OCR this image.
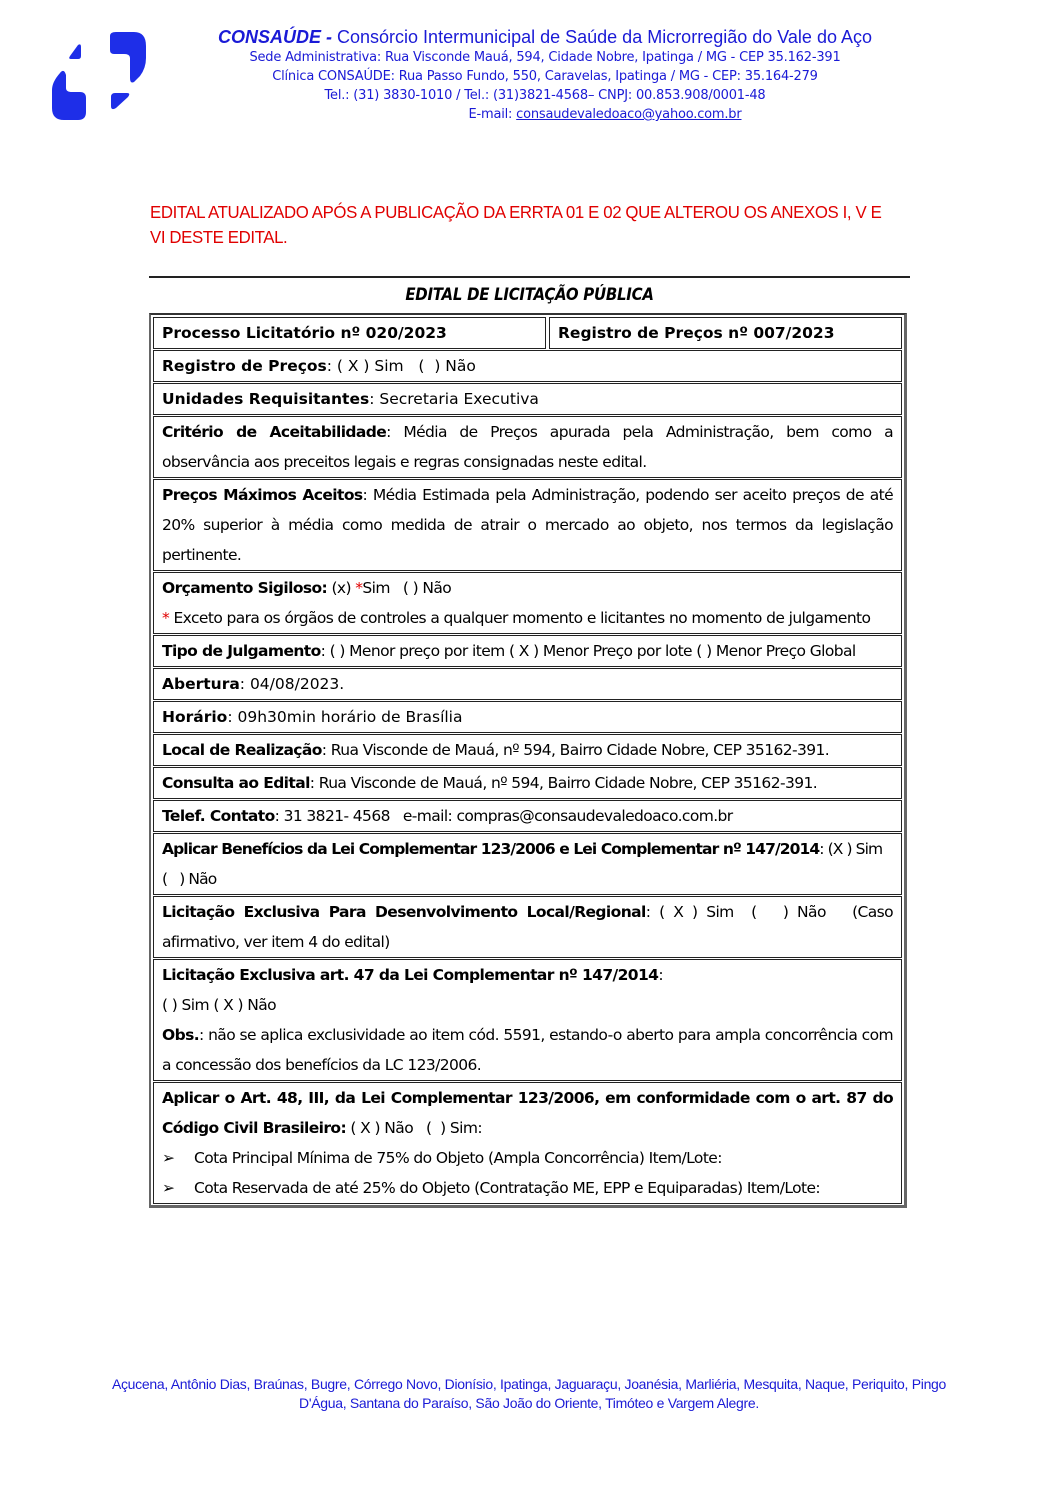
CONSAÚDE - Consórcio Intermunicipal de Saúde da Microrregião do Vale do Aço
Sede Administrativa: Rua Visconde Mauá, 594, Cidade Nobre, Ipatinga / MG - CEP 35.162-391
Clínica CONSAÚDE: Rua Passo Fundo, 550, Caravelas, Ipatinga / MG - CEP: 35.164-279
Tel.: (31) 3830-1010 / Tel.: (31)3821-4568– CNPJ: 00.853.908/0001-48
E-mail: consaudevaledoaco@yahoo.com.br
EDITAL ATUALIZADO APÓS A PUBLICAÇÃO DA ERRTA 01 E 02 QUE ALTEROU OS ANEXOS I, V E VI DESTE EDITAL.
EDITAL DE LICITAÇÃO PÚBLICA
Processo Licitatório nº 020/2023	Registro de Preços nº 007/2023
Registro de Preços: ( X ) Sim   (  ) Não
Unidades Requisitantes: Secretaria Executiva
Critério de Aceitabilidade: Média de Preços apurada pela Administração, bem como a observância aos preceitos legais e regras consignadas neste edital.
Preços Máximos Aceitos: Média Estimada pela Administração, podendo ser aceito preços de até 20% superior à média como medida de atrair o mercado ao objeto, nos termos da legislação pertinente.
Orçamento Sigiloso: (x) *Sim   ( ) Não
* Exceto para os órgãos de controles a qualquer momento e licitantes no momento de julgamento
Tipo de Julgamento: ( ) Menor preço por item ( X ) Menor Preço por lote ( ) Menor Preço Global
Abertura: 04/08/2023.
Horário: 09h30min horário de Brasília
Local de Realização: Rua Visconde de Mauá, nº 594, Bairro Cidade Nobre, CEP 35162-391.
Consulta ao Edital: Rua Visconde de Mauá, nº 594, Bairro Cidade Nobre, CEP 35162-391.
Telef. Contato: 31 3821- 4568   e-mail: compras@consaudevaledoaco.com.br
Aplicar Benefícios da Lei Complementar 123/2006 e Lei Complementar nº 147/2014: (X ) Sim     (   ) Não
Licitação Exclusiva Para Desenvolvimento Local/Regional: ( X ) Sim  (   ) Não   (Caso afirmativo, ver item 4 do edital)
Licitação Exclusiva art. 47 da Lei Complementar nº 147/2014:
( ) Sim ( X ) Não
Obs.: não se aplica exclusividade ao item cód. 5591, estando-o aberto para ampla concorrência com a concessão dos benefícios da LC 123/2006.
Aplicar o Art. 48, III, da Lei Complementar 123/2006, em conformidade com o art. 87 do Código Civil Brasileiro: ( X ) Não   (  ) Sim:
➢	Cota Principal Mínima de 75% do Objeto (Ampla Concorrência) Item/Lote:
➢	Cota Reservada de até 25% do Objeto (Contratação ME, EPP e Equiparadas) Item/Lote:
Açucena, Antônio Dias, Braúnas, Bugre, Córrego Novo, Dionísio, Ipatinga, Jaguaraçu, Joanésia, Marliéria, Mesquita, Naque, Periquito, Pingo D'Água, Santana do Paraíso, São João do Oriente, Timóteo e Vargem Alegre.
